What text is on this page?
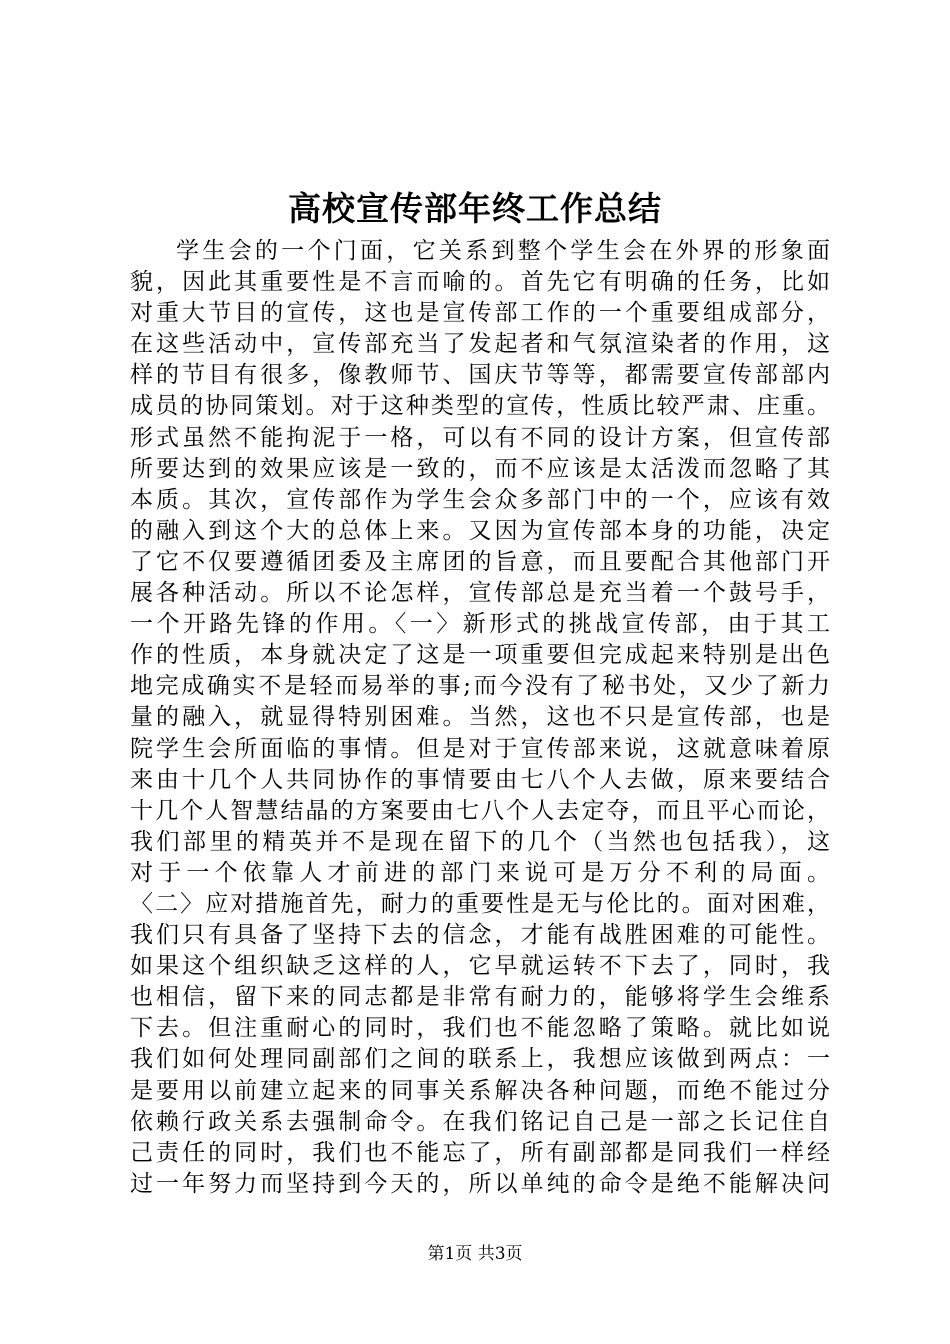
高校宣传部年终工作总结
学生会的一个门面，它关系到整个学生会在外界的形象面
貌，因此其重要性是不言而喻的。首先它有明确的任务，比如
对重大节目的宣传，这也是宣传部工作的一个重要组成部分，
在这些活动中，宣传部充当了发起者和气氛渲染者的作用，这
样的节目有很多，像教师节、国庆节等等，都需要宣传部部内
成员的协同策划。对于这种类型的宣传，性质比较严肃、庄重。
形式虽然不能拘泥于一格，可以有不同的设计方案，但宣传部
所要达到的效果应该是一致的，而不应该是太活泼而忽略了其
本质。其次，宣传部作为学生会众多部门中的一个，应该有效
的融入到这个大的总体上来。又因为宣传部本身的功能，决定
了它不仅要遵循团委及主席团的旨意，而且要配合其他部门开
展各种活动。所以不论怎样，宣传部总是充当着一个鼓号手，
一个开路先锋的作用。〈一〉新形式的挑战宣传部，由于其工
作的性质，本身就决定了这是一项重要但完成起来特别是出色
地完成确实不是轻而易举的事;而今没有了秘书处，又少了新力
量的融入，就显得特别困难。当然，这也不只是宣传部，也是
院学生会所面临的事情。但是对于宣传部来说，这就意味着原
来由十几个人共同协作的事情要由七八个人去做，原来要结合
十几个人智慧结晶的方案要由七八个人去定夺，而且平心而论，
我们部里的精英并不是现在留下的几个（当然也包括我），这
对于一个依靠人才前进的部门来说可是万分不利的局面。
〈二〉应对措施首先，耐力的重要性是无与伦比的。面对困难，
我们只有具备了坚持下去的信念，才能有战胜困难的可能性。
如果这个组织缺乏这样的人，它早就运转不下去了，同时，我
也相信，留下来的同志都是非常有耐力的，能够将学生会维系
下去。但注重耐心的同时，我们也不能忽略了策略。就比如说
我们如何处理同副部们之间的联系上，我想应该做到两点：一
是要用以前建立起来的同事关系解决各种问题，而绝不能过分
依赖行政关系去强制命令。在我们铭记自己是一部之长记住自
己责任的同时，我们也不能忘了，所有副部都是同我们一样经
过一年努力而坚持到今天的，所以单纯的命令是绝不能解决问
第1页 共3页
